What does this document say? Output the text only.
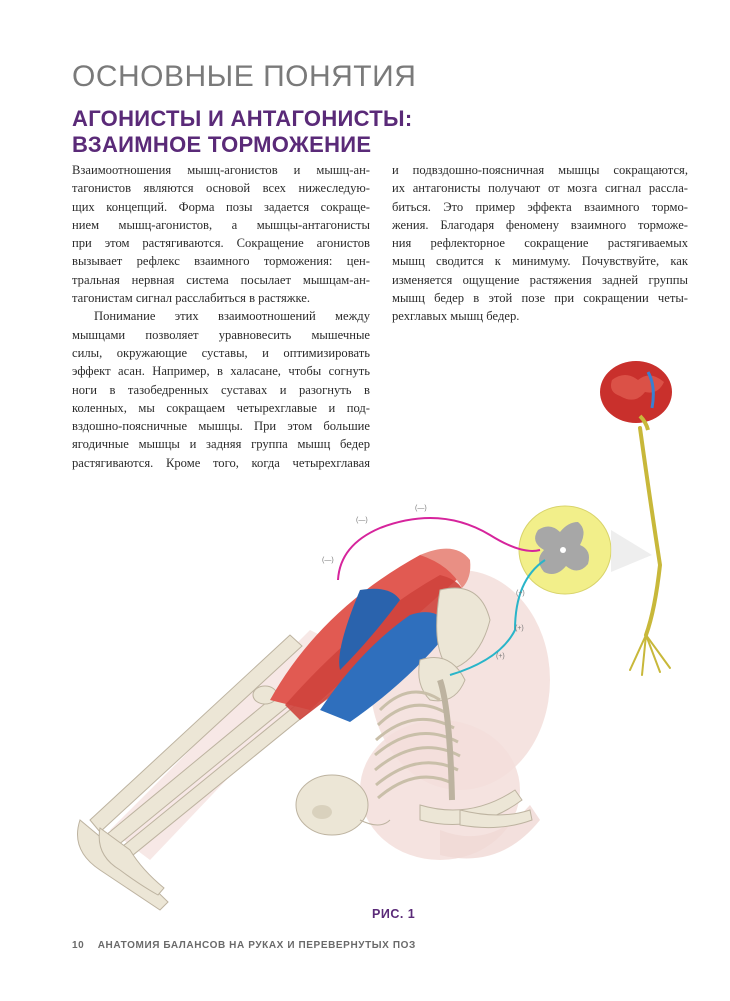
ОСНОВНЫЕ ПОНЯТИЯ
АГОНИСТЫ И АНТАГОНИСТЫ:
ВЗАИМНОЕ ТОРМОЖЕНИЕ

Взаимоотношения мышц-агонистов и мышц-ан-
тагонистов являются основой всех нижеследую-
щих концепций. Форма позы задается сокраще-
нием мышц-агонистов, а мышцы-антагонисты
при этом растягиваются. Сокращение агонистов
вызывает рефлекс взаимного торможения: цен-
тральная нервная система посылает мышцам-ан-
тагонистам сигнал расслабиться в растяжке.

Понимание этих взаимоотношений между
мышцами позволяет уравновесить мышечные
силы, окружающие суставы, и оптимизировать
эффект асан. Например, в халасане, чтобы согнуть
ноги в тазобедренных суставах и разогнуть в
коленных, мы сокращаем четырехглавые и под-
вздошно-поясничные мышцы. При этом большие
ягодичные мышцы и задняя группа мышц бедер
растягиваются. Кроме того, когда четырехглавая

и подвздошно-поясничная мышцы сокращаются,
их антагонисты получают от мозга сигнал рассла-
биться. Это пример эффекта взаимного тормо-
жения. Благодаря феномену взаимного торможе-
ния рефлекторное сокращение растягиваемых
мышц сводится к минимуму. Почувствуйте, как
изменяется ощущение растяжения задней группы
мышц бедер в этой позе при сокращении четы-
рехглавых мышц бедер.

(—)
(—)
(—)
(+)
(+)
(+)
РИС. 1
10 АНАТОМИЯ БАЛАНСОВ НА РУКАХ И ПЕРЕВЕРНУТЫХ ПОЗ
